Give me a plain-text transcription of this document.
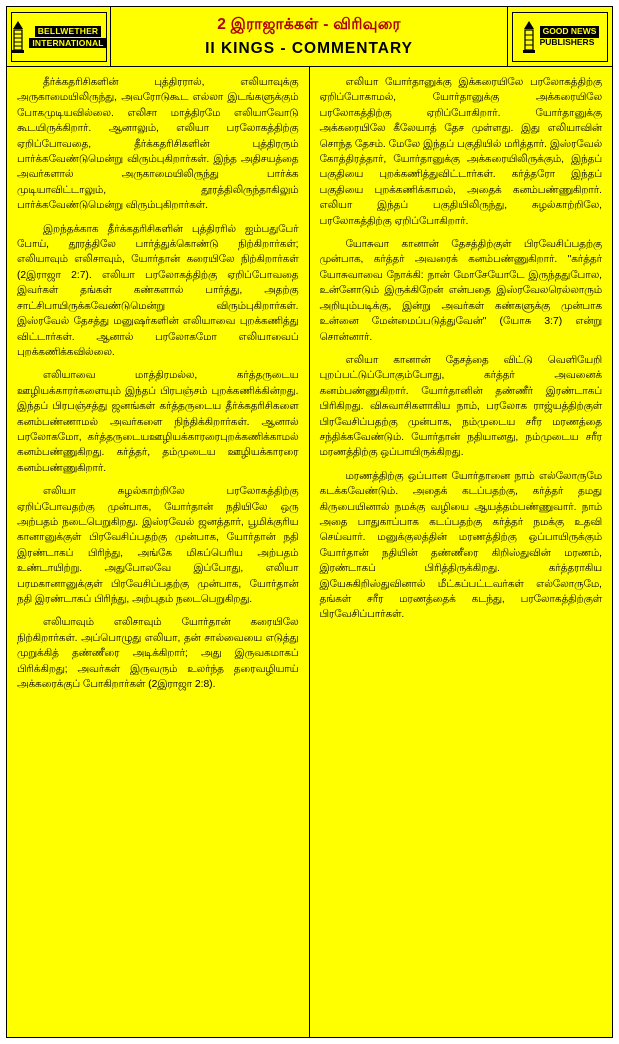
BELLWETHER
INTERNATIONAL
2 இராஜாக்கள் - விரிவுரை
II KINGS - COMMENTARY
GOOD NEWS
PUBLISHERS

தீர்க்கதரிசிகளின் புத்திரரால், எலியாவுக்கு அருகாமையிலிருந்து, அவரோடுகூட எல்லா இடங்களுக்கும் போகமுடியவில்லை. எலிசா மாத்திரமே எலியாவோடு கூடயிருக்கிறார். ஆனாலும், எலியா பரலோகத்திற்கு ஏறிப்போவதை, தீர்க்கதரிசிகளின் புத்திரரும் பார்க்கவேண்டுமென்று விரும்புகிறார்கள். இந்த அதிசயத்தை அவர்களால் அருகாமையிலிருந்து பார்க்க முடியாவிட்டாலும், தூரத்திலிருந்தாகிலும் பார்க்கவேண்டுமென்று விரும்புகிறார்கள்.

இறந்தக்காக தீர்க்கதரிசிகளின் புத்திரரில் ஐம்பதுபேர் போய், தூரத்திலே பார்த்துக்கொண்டு நிற்கிறார்கள்; எலியாவும் எலிசாவும், யோர்தான் கரையிலே நிற்கிறார்கள் (2இராஜா 2:7). எலியா பரலோகத்திற்கு ஏறிப்போவதை இவர்கள் தங்கள் கண்களால் பார்த்து, அதற்கு சாட்சிபாயிருக்கவேண்டுமென்று விரும்புகிறார்கள். இஸ்ரவேல் தேசத்து மனுஷர்களின் எலியாவை புறக்கணித்து விட்டார்கள். ஆனால் பரலோகமோ எலியாவைப் புறக்கணிக்கவில்லை.

எலியாவை மாத்திரமல்ல, கர்த்தருடைய ஊழியக்காரர்களையும் இந்தப் பிரபஞ்சம் புறக்கணிக்கின்றது. இந்தப் பிரபஞ்சத்து ஜனங்கள் கர்த்தருடைய தீர்க்கதரிசிகளை கனம்பண்ணாமல் அவர்களை நிந்திக்கிறார்கள். ஆனால் பரலோகமோ, கர்த்தருடையஊழியக்காரரைபுறக்கணிக்காமல் கனம்பண்ணுகிறது. கர்த்தர், தம்முடைய ஊழியக்காரரை கனம்பண்ணுகிறார்.

எலியா சுழல்காற்றிலே பரலோகத்திற்கு ஏறிப்போவதற்கு முன்பாக, யோர்தான் நதியிலே ஒரு அற்பதம் நடைபெறுகிறது. இஸ்ரவேல் ஜனத்தார், பூமிக்குரிய கானானுக்குள் பிரவேசிப்பதற்கு முன்பாக, யோர்தான் நதி இரண்டாகப் பிரிந்து, அங்கே மிகப்பெரிய அற்பதம் உண்டாயிற்று. அதுபோலவே இப்போது, எலியா பரமகானானுக்குள் பிரவேசிப்பதற்கு முன்பாக, யோர்தான் நதி இரண்டாகப் பிரிந்து, அற்புதம் நடைபெறுகிறது.

எலியாவும் எலிசாவும் யோர்தான் கரையிலே நிற்கிறார்கள். அப்பொழுது எலியா, தன் சால்வையை எடுத்து முறுக்கித் தண்ணீரை அடிக்கிறார்; அது இருவகமாகப் பிரிக்கிறது; அவர்கள் இருவரும் உலர்ந்த தரைவழியாய் அக்கரைக்குப் போகிறார்கள் (2இராஜா 2:8).

எலியா யோர்தானுக்கு இக்கரையிலே பரலோகத்திற்கு ஏறிப்போகாமல், யோர்தானுக்கு அக்கரையிலே பரலோகத்திற்கு ஏறிப்போகிறார். யோர்தானுக்கு அக்கரையிலே கீலேயாத் தேச முள்ளது. இது எலியாவின் சொந்த தேசம். மேலே இந்தப் பகுதியில் மரித்தார். இஸ்ரவேல் கோத்திரத்தார், யோர்தானுக்கு அக்கரையிலிருக்கும், இந்தப் பகுதியை புறக்கணித்துவிட்டார்கள். கர்த்தரோ இந்தப் பகுதியை புறக்கணிக்காமல், அதைக் கனம்பண்ணுகிறார். எலியா இந்தப் பகுதியிலிருந்து, சுழல்காற்றிலே, பரலோகத்திற்கு ஏறிப்போகிறார்.

யோசுவா கானான் தேசத்திற்குள் பிரவேசிப்பதற்கு முன்பாக, கர்த்தர் அவரைக் கனம்பண்ணுகிறார். "கர்த்தர் யோசுவாவை நோக்கி: நான் மோசேயோடே இருந்ததுபோல, உன்னோடும் இருக்கிறேன் என்பதை இஸ்ரவேலரெல்லாரும் அறியும்படிக்கு, இன்று அவர்கள் கண்களுக்கு முன்பாக உன்னை மேன்மைப்படுத்துவேன்" (யோசு 3:7) என்று சொன்னார்.

எலியா கானான் தேசத்தை விட்டு வெளியேறி புறப்பட்டுப்போகும்போது, கர்த்தர் அவனைக் கனம்பண்ணுகிறார். யோர்தானின் தண்ணீர் இரண்டாகப் பிரிகிறது. விசுவாசிகளாகிய நாம், பரலோக ராஜ்யத்திற்குள் பிரவேசிப்பதற்கு முன்பாக, நம்முடைய சரீர மரணத்தை சந்திக்கவேண்டும். யோர்தான் நதியானது, நம்முடைய சரீர மரணத்திற்கு ஒப்பாயிருக்கிறது.

மரணத்திற்கு ஒப்பான யோர்தானை நாம் எல்லோருமே கடக்கவேண்டும். அதைக் கடப்பதற்கு, கர்த்தர் தமது கிருபையினால் நமக்கு வழியை ஆயத்தம்பண்ணுவார். நாம் அதை பாதுகாப்பாக கடப்பதற்கு கர்த்தர் நமக்கு உதவி செய்வார். மனுக்குலத்தின் மரணத்திற்கு ஒப்பாயிருக்கும் யோர்தான் நதியின் தண்ணீரை கிறிஸ்துவின் மரணம், இரண்டாகப் பிரித்திருக்கிறது. கர்த்தராகிய இயேசுகிறிஸ்துவினால் மீட்கப்பட்டவர்கள் எல்லோருமே, தங்கள் சரீர மரணத்தைக் கடந்து, பரலோகத்திற்குள் பிரவேசிப்பார்கள்.
